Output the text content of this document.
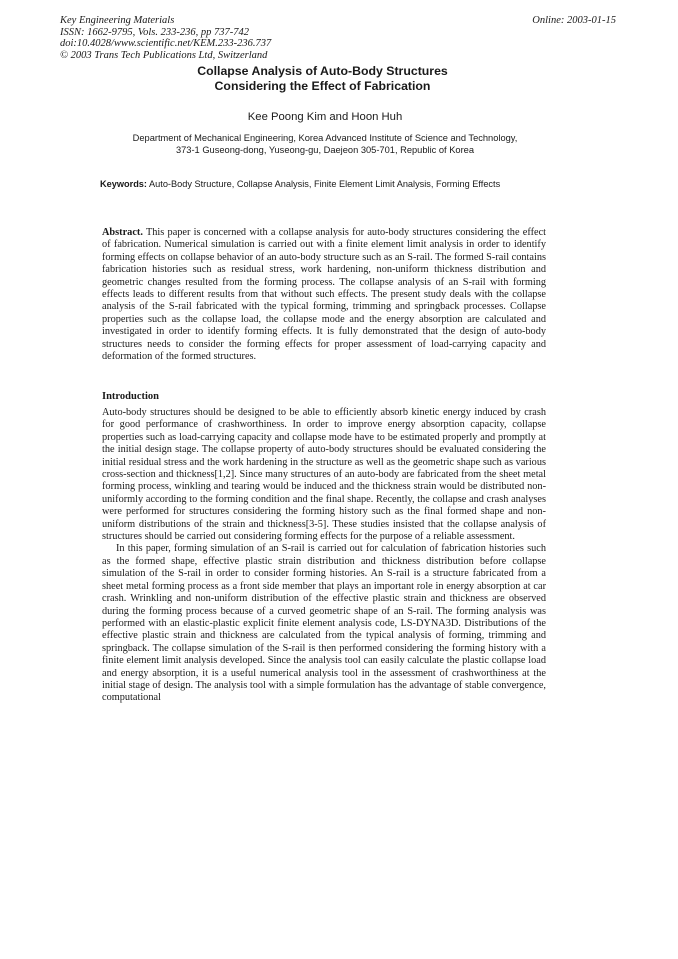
Key Engineering Materials
ISSN: 1662-9795, Vols. 233-236, pp 737-742
doi:10.4028/www.scientific.net/KEM.233-236.737
© 2003 Trans Tech Publications Ltd, Switzerland
Online: 2003-01-15
Collapse Analysis of Auto-Body Structures
Considering the Effect of Fabrication
Kee Poong Kim and Hoon Huh
Department of Mechanical Engineering, Korea Advanced Institute of Science and Technology,
373-1 Guseong-dong, Yuseong-gu, Daejeon 305-701, Republic of Korea
Keywords: Auto-Body Structure, Collapse Analysis, Finite Element Limit Analysis, Forming Effects
Abstract. This paper is concerned with a collapse analysis for auto-body structures considering the effect of fabrication. Numerical simulation is carried out with a finite element limit analysis in order to identify forming effects on collapse behavior of an auto-body structure such as an S-rail. The formed S-rail contains fabrication histories such as residual stress, work hardening, non-uniform thickness distribution and geometric changes resulted from the forming process. The collapse analysis of an S-rail with forming effects leads to different results from that without such effects. The present study deals with the collapse analysis of the S-rail fabricated with the typical forming, trimming and springback processes. Collapse properties such as the collapse load, the collapse mode and the energy absorption are calculated and investigated in order to identify forming effects. It is fully demonstrated that the design of auto-body structures needs to consider the forming effects for proper assessment of load-carrying capacity and deformation of the formed structures.
Introduction

Auto-body structures should be designed to be able to efficiently absorb kinetic energy induced by crash for good performance of crashworthiness. In order to improve energy absorption capacity, collapse properties such as load-carrying capacity and collapse mode have to be estimated properly and promptly at the initial design stage. The collapse property of auto-body structures should be evaluated considering the initial residual stress and the work hardening in the structure as well as the geometric shape such as various cross-section and thickness[1,2]. Since many structures of an auto-body are fabricated from the sheet metal forming process, winkling and tearing would be induced and the thickness strain would be distributed non-uniformly according to the forming condition and the final shape. Recently, the collapse and crash analyses were performed for structures considering the forming history such as the final formed shape and non-uniform distributions of the strain and thickness[3-5]. These studies insisted that the collapse analysis of structures should be carried out considering forming effects for the purpose of a reliable assessment.

In this paper, forming simulation of an S-rail is carried out for calculation of fabrication histories such as the formed shape, effective plastic strain distribution and thickness distribution before collapse simulation of the S-rail in order to consider forming histories. An S-rail is a structure fabricated from a sheet metal forming process as a front side member that plays an important role in energy absorption at car crash. Wrinkling and non-uniform distribution of the effective plastic strain and thickness are observed during the forming process because of a curved geometric shape of an S-rail. The forming analysis was performed with an elastic-plastic explicit finite element analysis code, LS-DYNA3D. Distributions of the effective plastic strain and thickness are calculated from the typical analysis of forming, trimming and springback. The collapse simulation of the S-rail is then performed considering the forming history with a finite element limit analysis developed. Since the analysis tool can easily calculate the plastic collapse load and energy absorption, it is a useful numerical analysis tool in the assessment of crashworthiness at the initial stage of design. The analysis tool with a simple formulation has the advantage of stable convergence, computational
